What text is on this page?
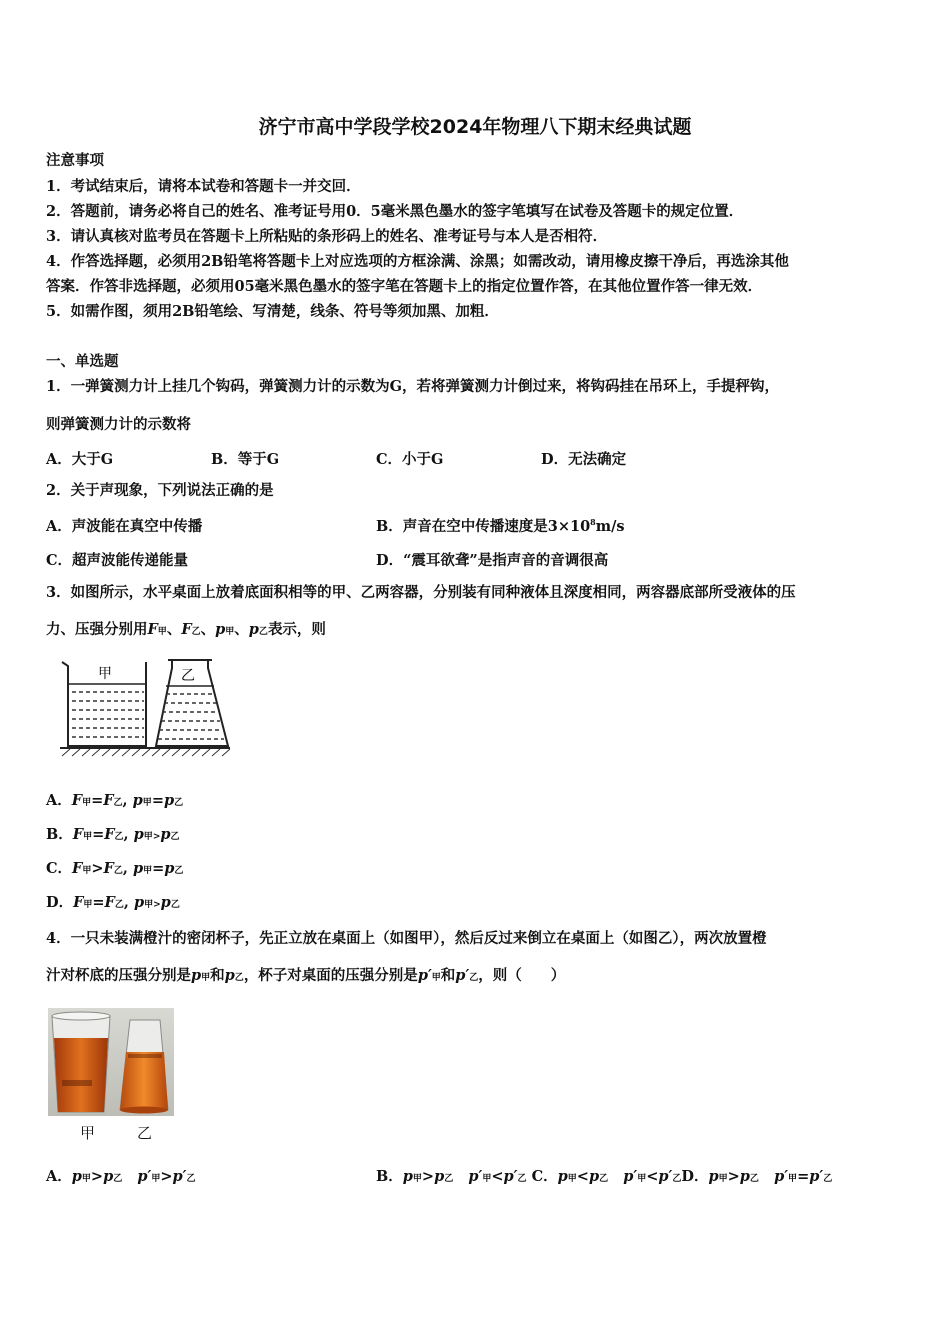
济宁市高中学段学校2024年物理八下期末经典试题
注意事项
1．考试结束后，请将本试卷和答题卡一并交回．
2．答题前，请务必将自己的姓名、准考证号用0．5毫米黑色墨水的签字笔填写在试卷及答题卡的规定位置．
3．请认真核对监考员在答题卡上所粘贴的条形码上的姓名、准考证号与本人是否相符．
4．作答选择题，必须用2B铅笔将答题卡上对应选项的方框涂满、涂黑；如需改动，请用橡皮擦干净后，再选涂其他
答案．作答非选择题，必须用05毫米黑色墨水的签字笔在答题卡上的指定位置作答，在其他位置作答一律无效．
5．如需作图，须用2B铅笔绘、写清楚，线条、符号等须加黑、加粗．
一、单选题
1．一弹簧测力计上挂几个钩码，弹簧测力计的示数为G，若将弹簧测力计倒过来，将钩码挂在吊环上，手提秤钩，
则弹簧测力计的示数将
A．大于G	B．等于G	C．小于G	D．无法确定
2．关于声现象，下列说法正确的是
A．声波能在真空中传播	B．声音在空中传播速度是$3\times 10^8m/s$
C．超声波能传递能量	D．“震耳欲聋”是指声音的音调很高
3．如图所示，水平桌面上放着底面积相等的甲、乙两容器，分别装有同种液体且深度相同，两容器底部所受液体的压
力、压强分别用F甲、F乙、p甲、p乙表示，则
甲	乙
A．F甲=F乙, p甲=p乙
B．F甲=F乙, p甲>p乙
C．F甲>F乙, p甲=p乙
D．F甲=F乙, p甲>p乙
4．一只未装满橙汁的密闭杯子，先正立放在桌面上（如图甲），然后反过来倒立在桌面上（如图乙），两次放置橙
汁对杯底的压强分别是p甲和p乙，杯子对桌面的压强分别是p′甲和p′乙，则（　　）
甲	乙
A．p甲>p乙 p′甲>p′乙	B．p甲>p乙 p′甲<p′乙 C．p甲<p乙 p′甲<p′乙D．p甲>p乙 p′甲=p′乙
